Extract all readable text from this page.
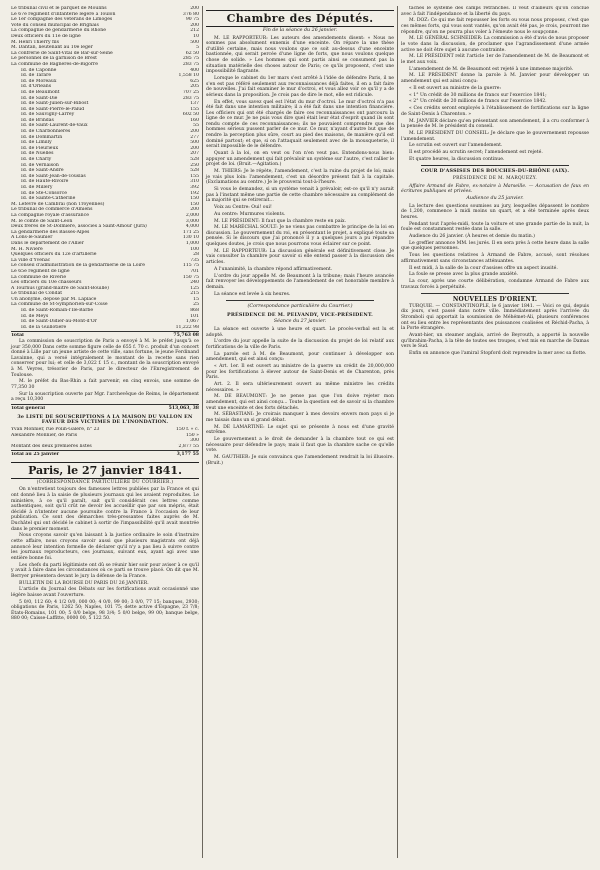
Le tribunal civil et le parquet de Moulins	200
Le 67e régiment d'infanterie légère à Toulon	376 80
Le 1er compagnie des vétérans de Limoges	90 75
Vote du conseil municipal de Brignais	200
La compagnie de gendarmerie du Rhône	212
Deux officiers du 11e de ligne	10
M. Henri Thierry fils	500
M. Dantan, lieutenant au 10e léger	5
La confrérie de Saint-Vital de Bar-sur-Seine	62 50
Le personnel de la garnison de Brest	285 75
La commune de Bagnères-de-Bigorre	283 75
Id. de Caponne	400
Id. de Tarare	1,558 10
Id. de Moreaux	625
Id. d'Orléans	205
Id. de Beaumont	707 25
Id. de Saint-Dié	283 75
Id. de Saint-Julien-sur-Bibost	137
Id. de Saint-Pierre-le-Palud	155
Id. de Sauvigny-Larrey	602 50
Id. de Brindas	160
Id. de Saint-Laurent-de-Vaux	55
Id. de Charbonnières	200
Id. de Dommartin	277
Id. de Limilly	500
Id. de Fleurieux	200
Id. de Nuelles	207
Id. de Charly	528
Id. de Vernaison	250
Id. de Saint-André	528
Id. de Saint-Jean-de-Touslas	155
Id. de Haute-Rivoire	310
Id. de Millery	392
Id. de Ste-Consorce	192
Id. de Sainte-Catherine	150
M. Lefèvre de Cambrai (non Troyennes)	150
Le tribunal de commerce d'Amiens	200
La compagnie royale d'assurance	2,000
M. le comte de Saint-Léon	3,000
Deux frères de St-Dolmière, associés à Saint-Amour (Jura)	4,000
La gendarmerie des Basses-Alpes	171 25
A Lons-le-Saunier	130 10
Dans le département de l'Allier	1,000
M. H. Nivière	100
Quelques officiers du 12e d'artillerie	28
La ville d'Yvenac	735
Le conseil d'administration de la gendarmerie de la Loire	115 75
Le 65e régiment de ligne	701
La commune de Rivérie	150 75
Les officiers du 10e chasseurs	240
A Tournus (grand-maître de Saint-Bouille)	125
Le tribunal de Condat	215
Un anonyme, déposé par M. Laplace	15
La commune de St-Symphorien-sur-Coise	25
Id. de Saint-Romain-l'Île-Barbe	868
Id. de Meys	101
Id. de Saint-Didier-au-Mont-d'Or	1,067
Id. de la Guillotière	11,222 98
Total	75,763 08
La commission de souscription de Paris a envoyé à M. le préfet jusqu'à ce jour 350,000 Dans cette somme figure celle de 655 f. 70 c. produit d'un concert donné à Lille par un jeune artiste de cette ville, sans fortune, le jeune Ferdinand Lavainne, qui a versé intégralement le montant de la recette sans rien conserver pour lui; et celle de 3,022 f. 15 c., montant de la souscription envoyé à M. Veyres, trésorier de Paris, par le directeur de l'Enregistrement de Toulouse.
M. le préfet du Bas-Rhin a fait parvenir, en cinq envois, une somme de 77,350 30
Sur la souscription ouverte par Mgr. l'archevêque de Reims, le département a reçu 10,300
Total général	513,063, 38
3e LISTE DE SOUSCRIPTIONS A LA MAISON DU VALLON EN FAVEUR DES VICTIMES DE L'INONDATION.
Yvan Monnier, rue Polin-Galère, n° 23	150 f. » c.
Alexandre Monnier, de Paris	150 »
300
Montant des deux premières listes	2,877 55
Total au 25 janvier	3,177 55
Paris, le 27 janvier 1841.
(CORRESPONDANCE PARTICULIÈRE DU COURRIER.)
On n'entretient toujours des fameuses lettres publiées par la France et qui ont donné lieu à la saisie de plusieurs journaux qui les avaient reproduites. Le ministère, à ce qu'il paraît, sait qu'il considérait ces lettres comme authentiques, soit qu'il crût ne devoir les accueillir que par son mépris, était décidé à n'intenter aucune poursuite contre la France à l'occasion de leur publication. Ce sont des démarches très-pressantes faites auprès de M. Duchâtel qui ont décidé le cabinet à sortir de l'impassibilité qu'il avait montrée dans le premier moment.
Nous croyons savoir qu'en laissant à la justice ordinaire le soin d'instruire cette affaire, nous croyons savoir aussi que plusieurs magistrats ont déjà annoncé leur intention formelle de déclarer qu'il n'y a pas lieu à suivre contre les journaux reproducteurs, ces journaux, suivant eux, ayant agi avec une entière bonne foi.
Les chefs du parti légitimiste ont dû se réunir hier soir pour aviser à ce qu'il y avait à faire dans les circonstances où ce parti se trouve placé. On dit que M. Berryer présentera devant le jury la défense de la France.
BULLETIN DE LA BOURSE DU PARIS DU 26 JANVIER.
L'article du Journal des Débats sur les fortifications avait occasionné une légère baisse avant l'ouverture.
5 0/0, 112 60; 4 1/2 0/0, 000 00; 4 0/0, 99 00; 3 0/0, 77 15; banques, 2930; obligations de Paris, 1262 50; Naples, 101 75; dette active d'Espagne, 23 7/8; États-Romains, 101 00; 5 0/0 belge, 98 3/4; 5 0/0 belge, 99 00; banque belge, 880 00; Caisse-Laffitte, 0000 00, 5 122 50.
Chambre des Députés.
Fin de la séance du 26 janvier.
M. LE RAPPORTEUR: Les auteurs des amendements disent: « Nous ne sommes pas absolument ennemis d'une enceinte. On répare la une thèse d'utilité certaine, mais nous voulons que ce soit au-dessus d'une enceinte bastionnée, qui serait percée d'une ligne de forts, que nous voulons quelque chose de solide. » Les hommes qui sont partis ainsi se consument pas la situation matérielle des choses autour de Paris; ce qu'ils proposent, c'est une impossibilité flagrante.
Lorsque le cabinet du 1er mars s'est arrêté à l'idée de défendre Paris, il ne s'en est pas référé seulement aux reconnaissances déjà faites, il en a fait faire de nouvelles. J'ai fait examiner le mur d'octroi, et vous allez voir ce qu'il y a de sérieux dans la proposition. Je crois pas de dire le mot, elle est ridicule.
En effet, vous savez quel est l'état du mur d'octroi. Le mur d'octroi n'a pas été fait dans une intention militaire; il a été fait dans une intention financière. Les officiers qui ont été chargés de faire ces reconnaissances ont parcouru la ligne de ce mur. Je ne puis vous dire quel était leur état d'esprit quand ils sont rendu compte de ces reconnaissances; ils ne pouvaient comprendre que des hommes sérieux pussent parler de ce mur. Ce mur, n'ayant d'autre but que de rendre la perception plus sûre, court au pied des maisons, de manière qu'il est dominé partout; et que, si on l'attaquait seulement avec de la mousqueterie, il serait impossible de le défendre.
Quant à la loi, on en veut ou l'on n'en veut pas. Entendons-nous bien: appuyer un amendement qui fait prévaloir un système sur l'autre, c'est rallier le projet de loi. (Bruit.—Agitation.)
M. THIERS: Je le répète, l'amendement, c'est la ruine du projet de loi; mais je vais plus loin: l'amendement, c'est un désordre présent fait à la capitale. (Exclamations au centre.) Je le prouverai tout-à-l'heure.
Si vous le demandez, si un système venait à prévaloir, est-ce qu'il n'y aurait pas à l'instant même une partie de cette chambre nécessaire au complément de la majorité qui se retirerait...
Voix au Centre: Oui! oui!
Au centre: Murmures violents.
M. LE PRÉSIDENT: Il faut que la chambre reste en paix.
M. LE MARÉCHAL SOULT: Je ne viens pas combattre le principe de la loi en discussion. Le gouvernement du roi, en présentant le projet, a expliqué toute sa pensée. Si le discours que j'ai prononcé il y a quelques jours a pu répandre quelques doutes, je crois que nous pourrons vous éclairer sur ce point.
M. LE RAPPORTEUR: La discussion générale est définitivement close. Je vais consulter la chambre pour savoir si elle entend passer à la discussion des articles.
A l'unanimité, la chambre répond affirmativement.
L'ordre du jour appelle M. de Beaumont à la tribune; mais l'heure avancée fait renvoyer les développements de l'amendement de cet honorable membre à demain.
La séance est levée à six heures.
(Correspondance particulière du Courrier.)
PRÉSIDENCE DE M. PELVANDY, VICE-PRÉSIDENT.
Séance du 27 janvier.
La séance est ouverte à une heure et quart. Le procès-verbal est lu et adopté.
L'ordre du jour appelle la suite de la discussion du projet de loi relatif aux fortifications de la ville de Paris.
La parole est à M. de Beaumont, pour continuer à développer son amendement, qui est ainsi conçu:
« Art. 1er. Il est ouvert au ministre de la guerre un crédit de 20,000,000 pour les fortifications à élever autour de Saint-Denis et de Charenton, près Paris.
Art. 2. Il sera ultérieurement ouvert au même ministre les crédits nécessaires. »
M. DE BEAUMONT: Je ne pense pas que l'on doive rejeter mon amendement, qui est ainsi conçu... Toute la question est de savoir si la chambre veut une enceinte et des forts détachés.
M. SÉBASTIANI: Je croirais manquer à mes devoirs envers mon pays si je me taisais dans un si grand débat.
M. DE LAMARTINE: Le sujet qui se présente à nous est d'une gravité extrême.
Le gouvernement a le droit de demander à la chambre tout ce qui est nécessaire pour défendre le pays; mais il faut que la chambre sache ce qu'elle vote.
M. GAUTHIER: Je suis convaincu que l'amendement rendrait la loi illusoire. (Bruit.)
tachés le système des camps retranchés. Il veut d'ailleurs qu'on conclue avec à fait l'indépendance et la liberté du pays.
M. DOZ: Ce qui me fait repousser les forts ou vous nous proposez, c'est que ces mêmes forts, qui vous sont vantés, qu'on avait été pas, je crois, pourront me répondre, qu'on ne pourra plus voler à l'émeute nous le soupçonne.
M. LE GÉNÉRAL SCHNEIDER: La commission a été d'avis de nous proposer le vote dans la discussion, de proclamer que l'agrandissement d'une armée active ne doit être sujet à aucune contrainte.
M. LE PRÉSIDENT relit l'article 1er de l'amendement de M. de Beaumont et le met aux voix.
L'amendement de M. de Beaumont est rejeté à une immense majorité.
M. LE PRÉSIDENT donne la parole à M. Janvier pour développer un amendement qui est ainsi conçu:
« Il est ouvert au ministre de la guerre:
« 1° Un crédit de 30 millions de francs sur l'exercice 1841;
« 2° Un crédit de 20 millions de francs sur l'exercice 1842.
« Ces crédits seront employés à l'établissement de fortifications sur la ligne de Saint-Denis à Charenton. »
M. JANVIER déclare qu'en présentant son amendement, il a cru conformer à la pensée de M. le président du conseil.
M. LE PRÉSIDENT DU CONSEIL: Je déclare que le gouvernement repousse l'amendement.
Le scrutin est ouvert sur l'amendement.
Il est procédé au scrutin secret; l'amendement est rejeté.
Et quatre heures, la discussion continue.
COUR D'ASSISES DES BOUCHES-DU-RHÔNE (AIX).
PRÉSIDENCE DE M. MARQUEZY.
Affaire Armand de Fabre, ex-notaire à Marseille. — Accusation de faux en écritures publiques et privées.
Audience du 25 janvier.
La lecture des questions soumises au jury, lesquelles dépassent le nombre de 1,200, commence à midi moins un quart, et a été terminée après deux heures.
Pendant tout l'après-midi, toute la voiture et une grande partie de la nuit, la foule est constamment restée dans la salle.
Audience du 26 janvier. (À heures et demie du matin.)
Le greffier annonce MM. les jurés. Il en sera près à cette heure dans la salle que quelques personnes.
Tous les questions relatives à Armand de Fabre, accusé, sont résolues affirmativement sans circonstances atténuantes.
Il est midi, à la salle de la cour d'assises offre un aspect inusité.
La foule se presse avec la plus grande anxiété.
La cour, après une courte délibération, condamne Armand de Fabre aux travaux forcés à perpétuité.
NOUVELLES D'ORIENT.
TURQUIE. — CONSTANTINOPLE, le 6 janvier 1841. — Voici ce qui, depuis dix jours, s'est passé dans notre ville. Immédiatement après l'arrivée du Stromboli qui apportait la soumission de Méhémet-Ali, plusieurs conférences ont eu lieu entre les représentants des puissances coalisées et Réchid-Pacha, à la Porte étrangère.
Avant-hier, un steamer anglais, arrivé de Beyrouth, a apporté la nouvelle qu'Ibrahim-Pacha, à la tête de toutes ses troupes, s'est mis en marche de Damas vers le Sud.
Enfin on annonce que l'amiral Stopford doit reprendre la mer avec sa flotte.
